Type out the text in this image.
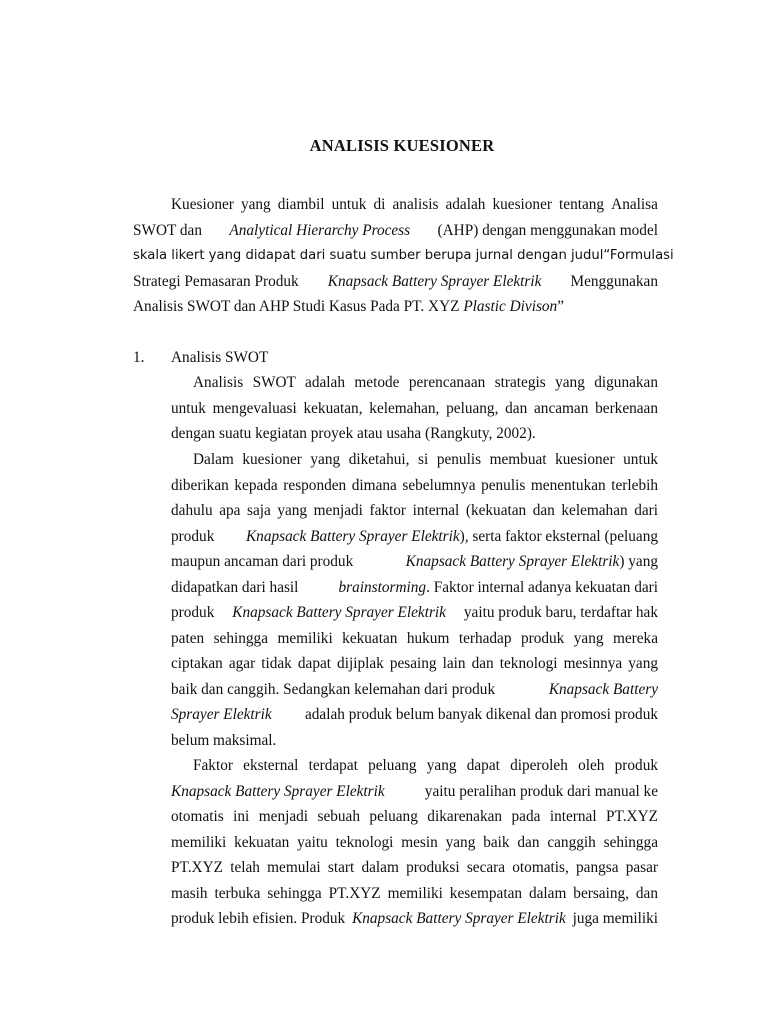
ANALISIS KUESIONER
Kuesioner yang diambil untuk di analisis adalah kuesioner tentang Analisa
SWOT dan Analytical Hierarchy Process (AHP) dengan menggunakan model
skala likert yang didapat dari suatu sumber berupa jurnal dengan judul “Formulasi
Strategi Pemasaran Produk Knapsack Battery Sprayer Elektrik Menggunakan
Analisis SWOT dan AHP Studi Kasus Pada PT. XYZ Plastic Divison”
1. Analisis SWOT
Analisis SWOT adalah metode perencanaan strategis yang digunakan
untuk mengevaluasi kekuatan, kelemahan, peluang, dan ancaman berkenaan
dengan suatu kegiatan proyek atau usaha (Rangkuty, 2002).
Dalam kuesioner yang diketahui, si penulis membuat kuesioner untuk
diberikan kepada responden dimana sebelumnya penulis menentukan terlebih
dahulu apa saja yang menjadi faktor internal (kekuatan dan kelemahan dari
produk Knapsack Battery Sprayer Elektrik), serta faktor eksternal (peluang
maupun ancaman dari produk	Knapsack Battery Sprayer Elektrik) yang
didapatkan dari hasil	brainstorming. Faktor internal adanya kekuatan dari
produk Knapsack Battery Sprayer Elektrik yaitu produk baru, terdaftar hak
paten sehingga memiliki kekuatan hukum terhadap produk yang mereka
ciptakan agar tidak dapat dijiplak pesaing lain dan teknologi mesinnya yang
baik dan canggih. Sedangkan kelemahan dari produk	Knapsack Battery
Sprayer Elektrik adalah produk belum banyak dikenal dan promosi produk
belum maksimal.
Faktor eksternal terdapat peluang yang dapat diperoleh oleh produk
Knapsack Battery Sprayer Elektrik	yaitu peralihan produk dari manual ke
otomatis ini menjadi sebuah peluang dikarenakan pada internal PT.XYZ
memiliki kekuatan yaitu teknologi mesin yang baik dan canggih sehingga
PT.XYZ telah memulai start dalam produksi secara otomatis, pangsa pasar
masih terbuka sehingga PT.XYZ memiliki kesempatan dalam bersaing, dan
produk lebih efisien. Produk Knapsack Battery Sprayer Elektrik juga memiliki
